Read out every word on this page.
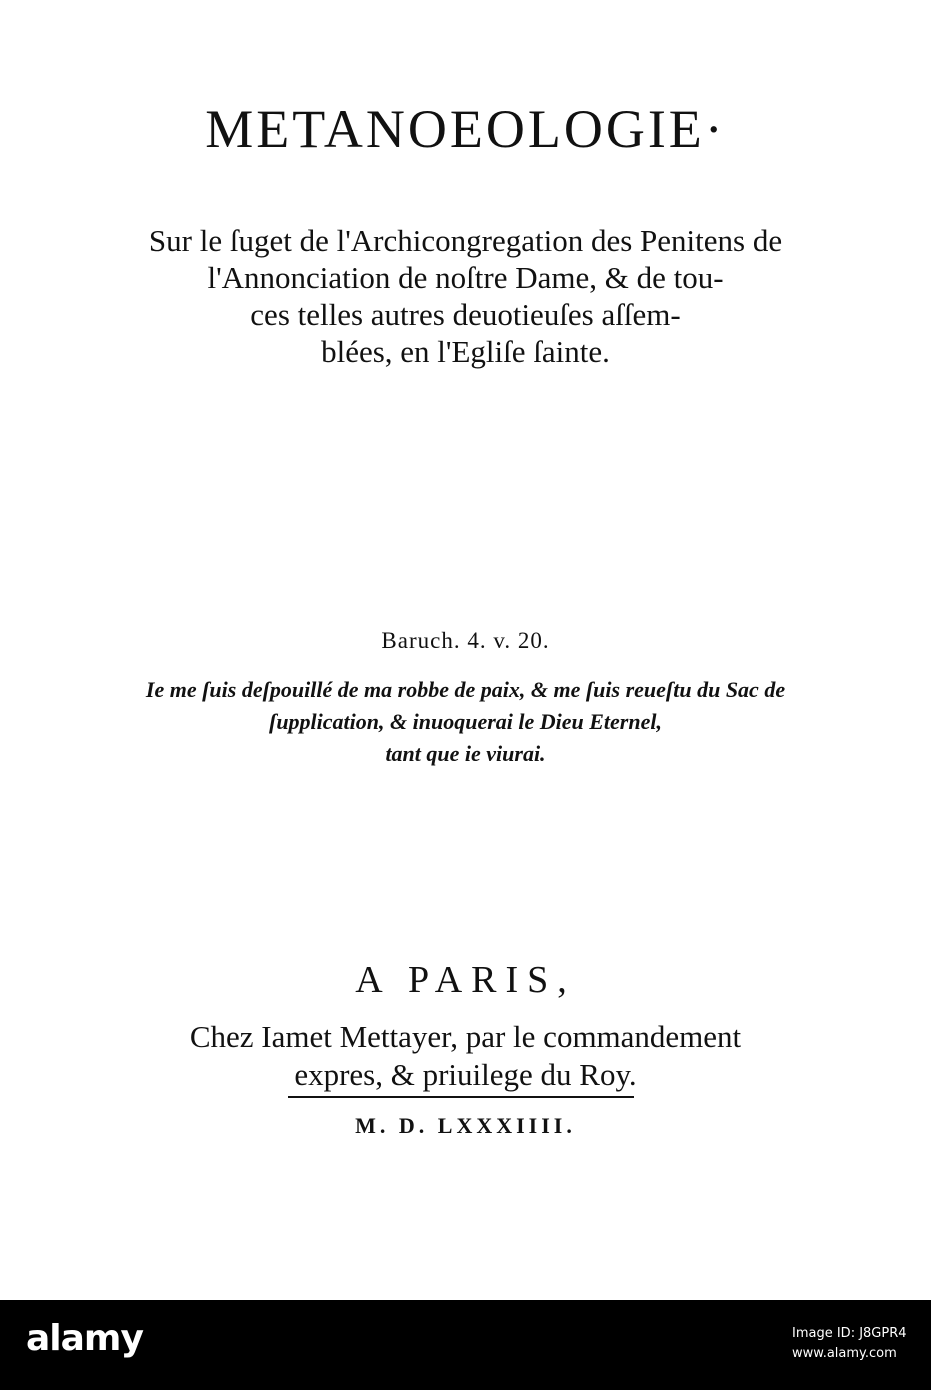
METANOEOLOGIE·
Sur le ſuget de l'Archicongregation des Penitens de
l'Annonciation de noſtre Dame, & de tou-
ces telles autres deuotieuſes aſſem-
blées, en l'Egliſe ſainte.
Baruch. 4. v. 20.
Ie me ſuis deſpouillé de ma robbe de paix, & me ſuis reueſtu du Sac de
ſupplication, & inuoquerai le Dieu Eternel,
tant que ie viurai.
A PARIS,
Chez Iamet Mettayer, par le commandement
expres, & priuilege du Roy.
M. D. LXXXIIII.
alamy	Image ID: J8GPR4
www.alamy.com
